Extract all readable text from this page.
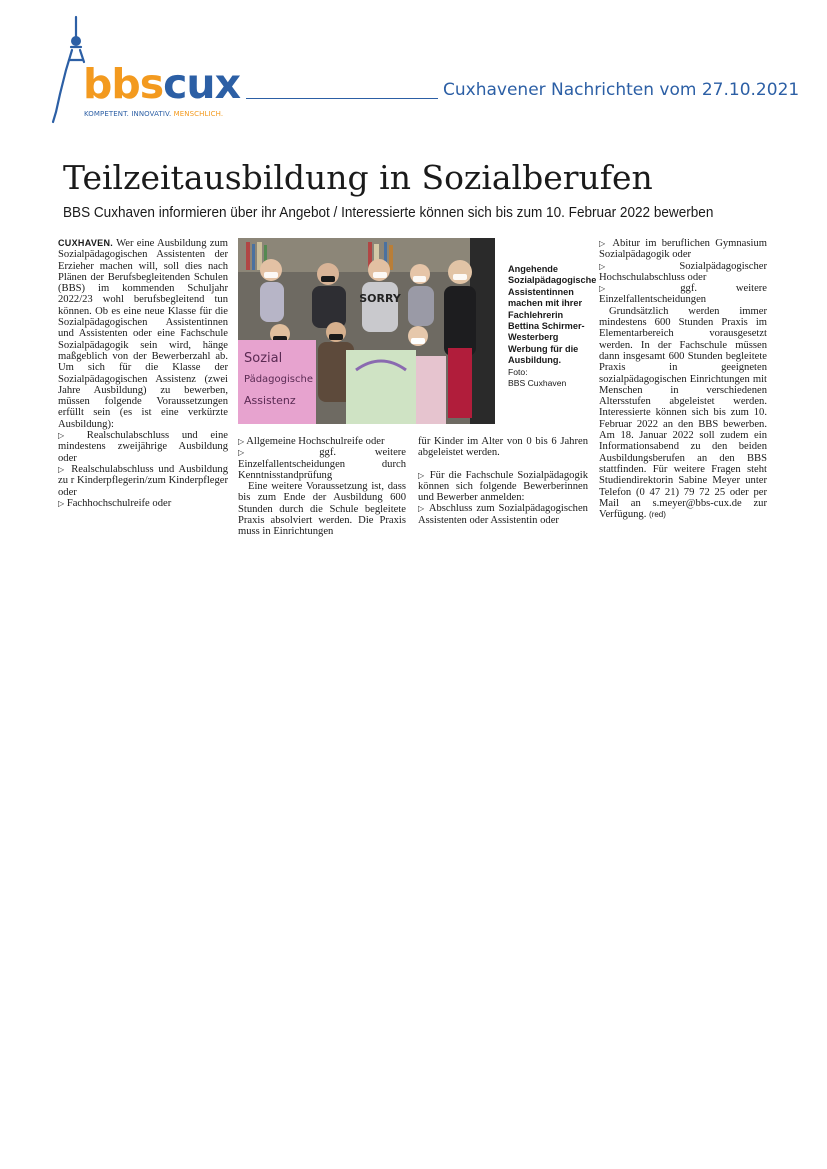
bbscux
KOMPETENT. INNOVATIV. MENSCHLICH.
Cuxhavener Nachrichten vom 27.10.2021
Teilzeitausbildung in Sozialberufen
BBS Cuxhaven informieren über ihr Angebot / Interessierte können sich bis zum 10. Februar 2022 bewerben

CUXHAVEN. Wer eine Ausbildung zum Sozialpädagogischen Assistenten der Erzieher machen will, soll dies nach Plänen der Berufsbegleitenden Schulen (BBS) im kommenden Schuljahr 2022/23 wohl berufsbegleitend tun können. Ob es eine neue Klasse für die Sozialpädagogischen Assistentinnen und Assistenten oder eine Fachschule Sozialpädagogik sein wird, hänge maßgeblich von der Bewerberzahl ab. Um sich für die Klasse der Sozialpädagogischen Assistenz (zwei Jahre Ausbildung) zu bewerben, müssen folgende Voraussetzungen erfüllt sein (es ist eine verkürzte Ausbildung):

▷ Realschulabschluss und eine mindestens zweijährige Ausbildung oder

▷ Realschulabschluss und Ausbildung zu r Kinderpflegerin/zum Kinderpfleger oder

▷ Fachhochschulreife oder

SORRY
Sozial
Pädagogische
Assistenz
Angehende Sozialpädagogische Assistentinnen machen mit ihrer Fachlehrerin Bettina Schirmer-Westerberg Werbung für die Ausbildung.
Foto:
BBS Cuxhaven

▷ Allgemeine Hochschulreife oder

▷	ggf. weitere Einzelfallentscheidungen durch Kenntnisstandprüfung

Eine weitere Voraussetzung ist, dass bis zum Ende der Ausbildung 600 Stunden durch die Schule begleitete Praxis absolviert werden. Die Praxis muss in Einrichtungen

für Kinder im Alter von 0 bis 6 Jahren abgeleistet werden.

▷ Für die Fachschule Sozialpädagogik können sich folgende Bewerberinnen und Bewerber anmelden:

▷ Abschluss zum Sozialpädagogischen Assistenten oder Assistentin oder

▷ Abitur im beruflichen Gymnasium Sozialpädagogik oder

▷	Sozialpädagogischer Hochschulabschluss oder

▷	ggf. weitere Einzelfallentscheidungen

Grundsätzlich werden immer mindestens 600 Stunden Praxis im Elementarbereich vorausgesetzt werden. In der Fachschule müssen dann insgesamt 600 Stunden begleitete Praxis in geeigneten sozialpädagogischen Einrichtungen mit Menschen in verschiedenen Altersstufen abgeleistet werden. Interessierte können sich bis zum 10. Februar 2022 an den BBS bewerben. Am 18. Januar 2022 soll zudem ein Informationsabend zu den beiden Ausbildungsberufen an den BBS stattfinden. Für weitere Fragen steht Studiendirektorin Sabine Meyer unter Telefon (0 47 21) 79 72 25 oder per Mail an s.meyer@bbs-cux.de zur Verfügung. (red)
